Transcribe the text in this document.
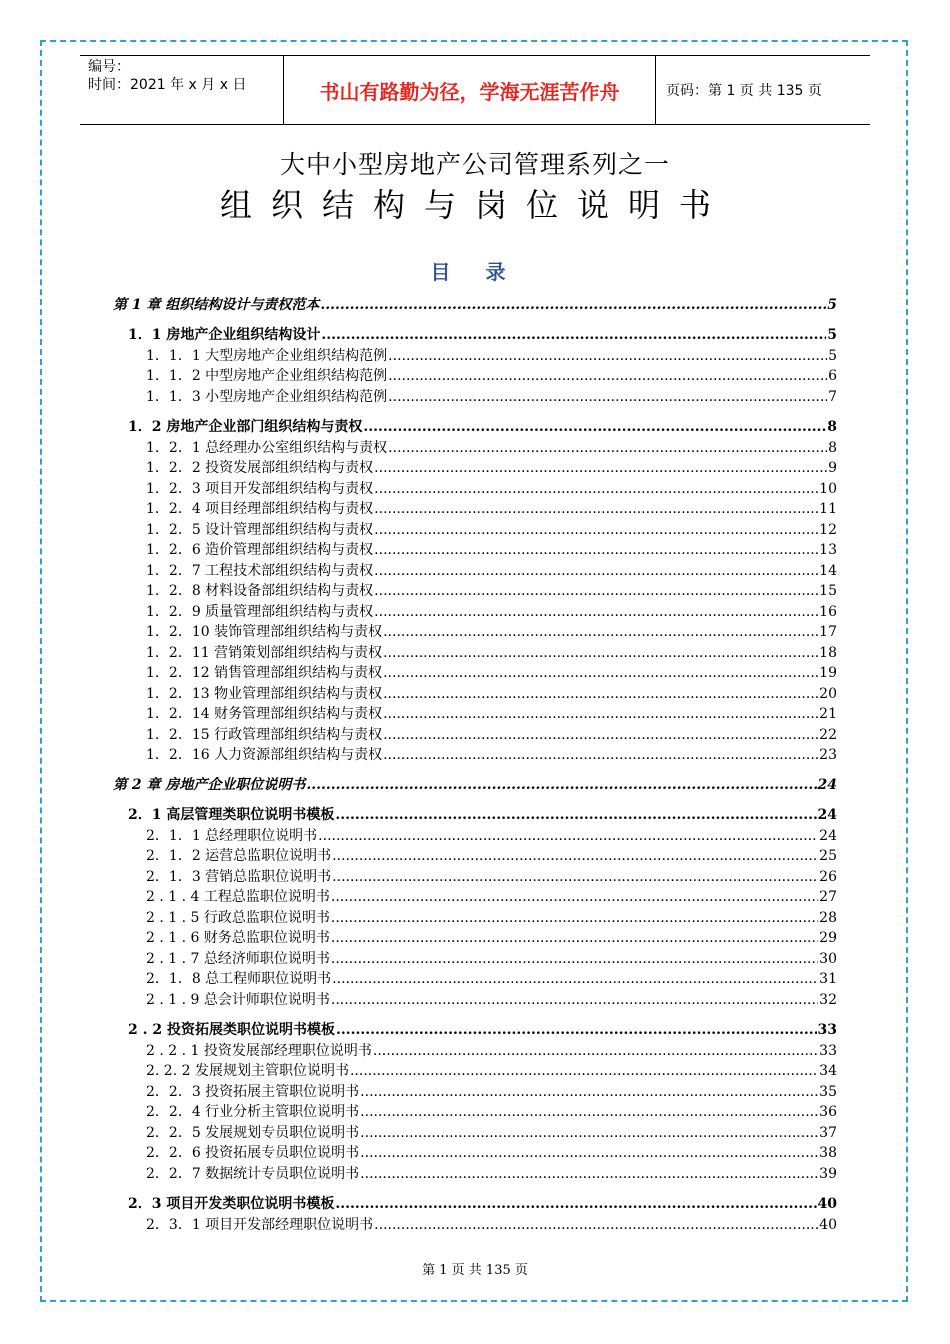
编号：
时间：2021 年 x 月 x 日	书山有路勤为径，学海无涯苦作舟	页码：第 1 页 共 135 页
大中小型房地产公司管理系列之一
组织结构与岗位说明书
目 录
第 1 章 组织结构设计与责权范本 .....	5
1．1 房地产企业组织结构设计 .....	5
1．1．1 大型房地产企业组织结构范例 .....	5
1．1．2 中型房地产企业组织结构范例 .....	6
1．1．3 小型房地产企业组织结构范例 .....	7
1．2 房地产企业部门组织结构与责权 .....	8
1．2．1 总经理办公室组织结构与责权 .....	8
1．2．2 投资发展部组织结构与责权 .....	9
1．2．3 项目开发部组织结构与责权 .....	10
1．2．4 项目经理部组织结构与责权 .....	11
1．2．5 设计管理部组织结构与责权 .....	12
1．2．6 造价管理部组织结构与责权 .....	13
1．2．7 工程技术部组织结构与责权 .....	14
1．2．8 材料设备部组织结构与责权 .....	15
1．2．9 质量管理部组织结构与责权 .....	16
1．2．10 装饰管理部组织结构与责权 .....	17
1．2．11 营销策划部组织结构与责权 .....	18
1．2．12 销售管理部组织结构与责权 .....	19
1．2．13 物业管理部组织结构与责权 .....	20
1．2．14 财务管理部组织结构与责权 .....	21
1．2．15 行政管理部组织结构与责权 .....	22
1．2．16 人力资源部组织结构与责权 .....	23
第 2 章 房地产企业职位说明书 .....	24
2．1 高层管理类职位说明书模板 .....	24
2．1．1 总经理职位说明书 .....	24
2．1．2 运营总监职位说明书 .....	25
2．1．3 营销总监职位说明书 .....	26
2 . 1 . 4 工程总监职位说明书 .....	27
2 . 1 . 5 行政总监职位说明书 .....	28
2 . 1 . 6 财务总监职位说明书 .....	29
2 . 1 . 7 总经济师职位说明书 .....	30
2．1．8 总工程师职位说明书 .....	31
2 . 1 . 9 总会计师职位说明书 .....	32
2 . 2 投资拓展类职位说明书模板 .....	33
2 . 2 . 1 投资发展部经理职位说明书 .....	33
2. 2. 2 发展规划主管职位说明书 .....	34
2．2．3 投资拓展主管职位说明书 .....	35
2．2．4 行业分析主管职位说明书 .....	36
2．2．5 发展规划专员职位说明书 .....	37
2．2．6 投资拓展专员职位说明书 .....	38
2．2．7 数据统计专员职位说明书 .....	39
2．3 项目开发类职位说明书模板 .....	40
2．3．1 项目开发部经理职位说明书 .....	40
第 1 页 共 135 页
